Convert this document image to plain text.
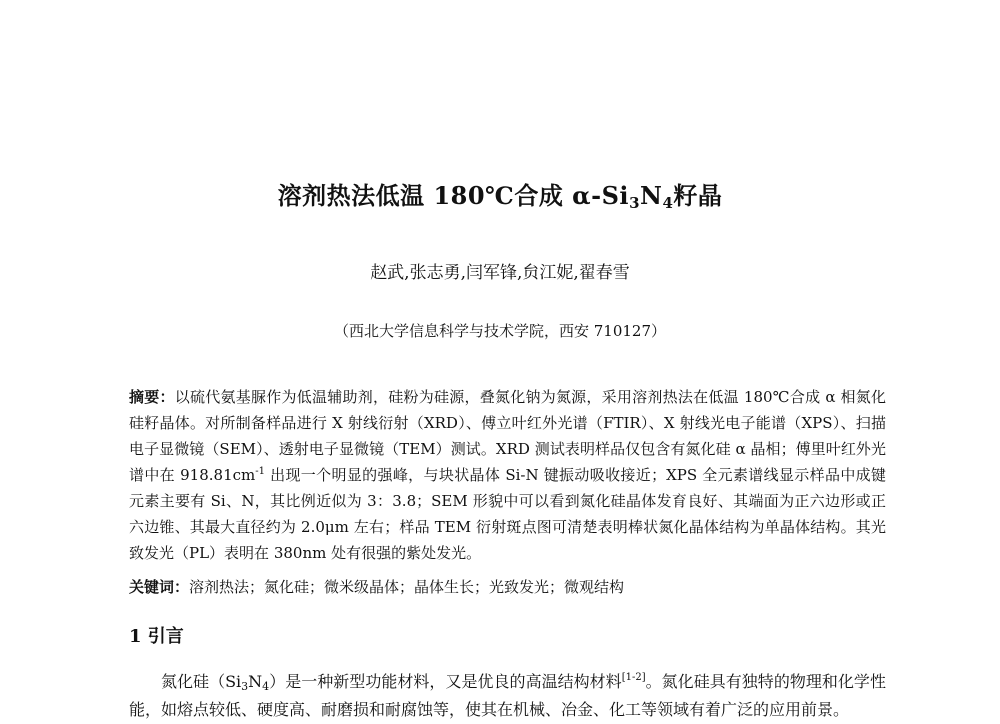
溶剂热法低温 180℃合成 $\alpha-Si_3N_4$籽晶
赵武,张志勇,闫军锋,贠江妮,翟春雪
（西北大学信息科学与技术学院，西安 710127）
摘要：以硫代氨基脲作为低温辅助剂，硅粉为硅源，叠氮化钠为氮源，采用溶剂热法在低温 180℃合成 α 相氮化硅籽晶体。对所制备样品进行 X 射线衍射（XRD）、傅立叶红外光谱（FTIR）、X 射线光电子能谱（XPS）、扫描电子显微镜（SEM）、透射电子显微镜（TEM）测试。XRD 测试表明样品仅包含有氮化硅 α 晶相；傅里叶红外光谱中在 $918.81cm^{-1}$ 出现一个明显的强峰，与块状晶体 Si-N 键振动吸收接近；XPS 全元素谱线显示样品中成键元素主要有 Si、N，其比例近似为 3：3.8；SEM 形貌中可以看到氮化硅晶体发育良好、其端面为正六边形或正六边锥、其最大直径约为 2.0μm 左右；样品 TEM 衍射斑点图可清楚表明棒状氮化晶体结构为单晶体结构。其光致发光（PL）表明在 380nm 处有很强的紫处发光。
关键词：溶剂热法；氮化硅；微米级晶体；晶体生长；光致发光；微观结构
1 引言
氮化硅$(Si_3N_4)$是一种新型功能材料，又是优良的高温结构材料[1-2]。氮化硅具有独特的物理和化学性能，如熔点较低、硬度高、耐磨损和耐腐蚀等，使其在机械、冶金、化工等领域有着广泛的应用前景。
